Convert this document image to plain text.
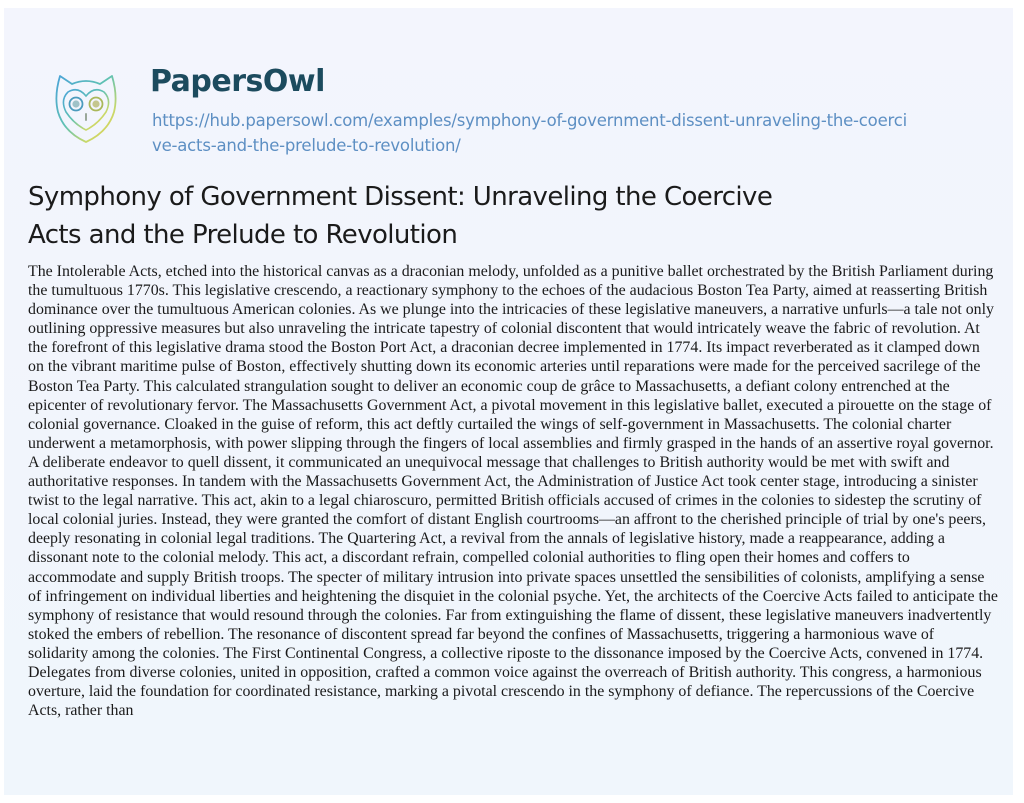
PapersOwl
https://hub.papersowl.com/examples/symphony-of-government-dissent-unraveling-the-coercive-acts-and-the-prelude-to-revolution/
Symphony of Government Dissent: Unraveling the Coercive Acts and the Prelude to Revolution

The Intolerable Acts, etched into the historical canvas as a draconian melody, unfolded as a punitive ballet orchestrated by the British Parliament during the tumultuous 1770s. This legislative crescendo, a reactionary symphony to the echoes of the audacious Boston Tea Party, aimed at reasserting British dominance over the tumultuous American colonies. As we plunge into the intricacies of these legislative maneuvers, a narrative unfurls—a tale not only outlining oppressive measures but also unraveling the intricate tapestry of colonial discontent that would intricately weave the fabric of revolution. At the forefront of this legislative drama stood the Boston Port Act, a draconian decree implemented in 1774. Its impact reverberated as it clamped down on the vibrant maritime pulse of Boston, effectively shutting down its economic arteries until reparations were made for the perceived sacrilege of the Boston Tea Party. This calculated strangulation sought to deliver an economic coup de grâce to Massachusetts, a defiant colony entrenched at the epicenter of revolutionary fervor. The Massachusetts Government Act, a pivotal movement in this legislative ballet, executed a pirouette on the stage of colonial governance. Cloaked in the guise of reform, this act deftly curtailed the wings of self-government in Massachusetts. The colonial charter underwent a metamorphosis, with power slipping through the fingers of local assemblies and firmly grasped in the hands of an assertive royal governor. A deliberate endeavor to quell dissent, it communicated an unequivocal message that challenges to British authority would be met with swift and authoritative responses. In tandem with the Massachusetts Government Act, the Administration of Justice Act took center stage, introducing a sinister twist to the legal narrative. This act, akin to a legal chiaroscuro, permitted British officials accused of crimes in the colonies to sidestep the scrutiny of local colonial juries. Instead, they were granted the comfort of distant English courtrooms—an affront to the cherished principle of trial by one's peers, deeply resonating in colonial legal traditions. The Quartering Act, a revival from the annals of legislative history, made a reappearance, adding a dissonant note to the colonial melody. This act, a discordant refrain, compelled colonial authorities to fling open their homes and coffers to accommodate and supply British troops. The specter of military intrusion into private spaces unsettled the sensibilities of colonists, amplifying a sense of infringement on individual liberties and heightening the disquiet in the colonial psyche. Yet, the architects of the Coercive Acts failed to anticipate the symphony of resistance that would resound through the colonies. Far from extinguishing the flame of dissent, these legislative maneuvers inadvertently stoked the embers of rebellion. The resonance of discontent spread far beyond the confines of Massachusetts, triggering a harmonious wave of solidarity among the colonies. The First Continental Congress, a collective riposte to the dissonance imposed by the Coercive Acts, convened in 1774. Delegates from diverse colonies, united in opposition, crafted a common voice against the overreach of British authority. This congress, a harmonious overture, laid the foundation for coordinated resistance, marking a pivotal crescendo in the symphony of defiance. The repercussions of the Coercive Acts, rather than
